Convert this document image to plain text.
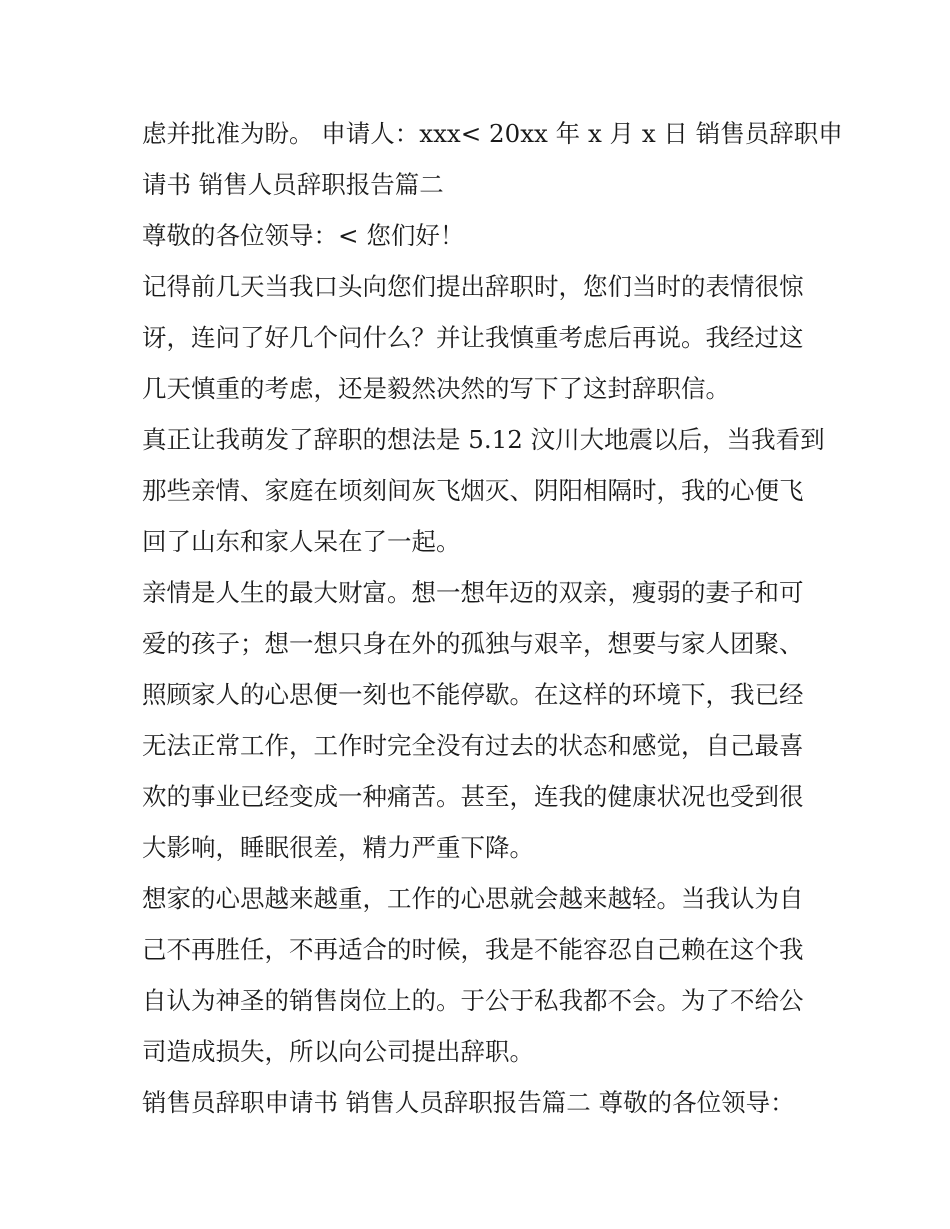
虑并批准为盼。 申请人：xxx< 20xx 年 x 月 x 日 销售员辞职申
请书 销售人员辞职报告篇二

尊敬的各位领导：< 您们好！

记得前几天当我口头向您们提出辞职时，您们当时的表情很惊
讶，连问了好几个问什么？并让我慎重考虑后再说。我经过这
几天慎重的考虑，还是毅然决然的写下了这封辞职信。

真正让我萌发了辞职的想法是 5.12 汶川大地震以后，当我看到
那些亲情、家庭在顷刻间灰飞烟灭、阴阳相隔时，我的心便飞
回了山东和家人呆在了一起。

亲情是人生的最大财富。想一想年迈的双亲，瘦弱的妻子和可
爱的孩子；想一想只身在外的孤独与艰辛，想要与家人团聚、
照顾家人的心思便一刻也不能停歇。在这样的环境下，我已经
无法正常工作，工作时完全没有过去的状态和感觉，自己最喜
欢的事业已经变成一种痛苦。甚至，连我的健康状况也受到很
大影响，睡眠很差，精力严重下降。

想家的心思越来越重，工作的心思就会越来越轻。当我认为自
己不再胜任，不再适合的时候，我是不能容忍自己赖在这个我
自认为神圣的销售岗位上的。于公于私我都不会。为了不给公
司造成损失，所以向公司提出辞职。

销售员辞职申请书 销售人员辞职报告篇二 尊敬的各位领导：
